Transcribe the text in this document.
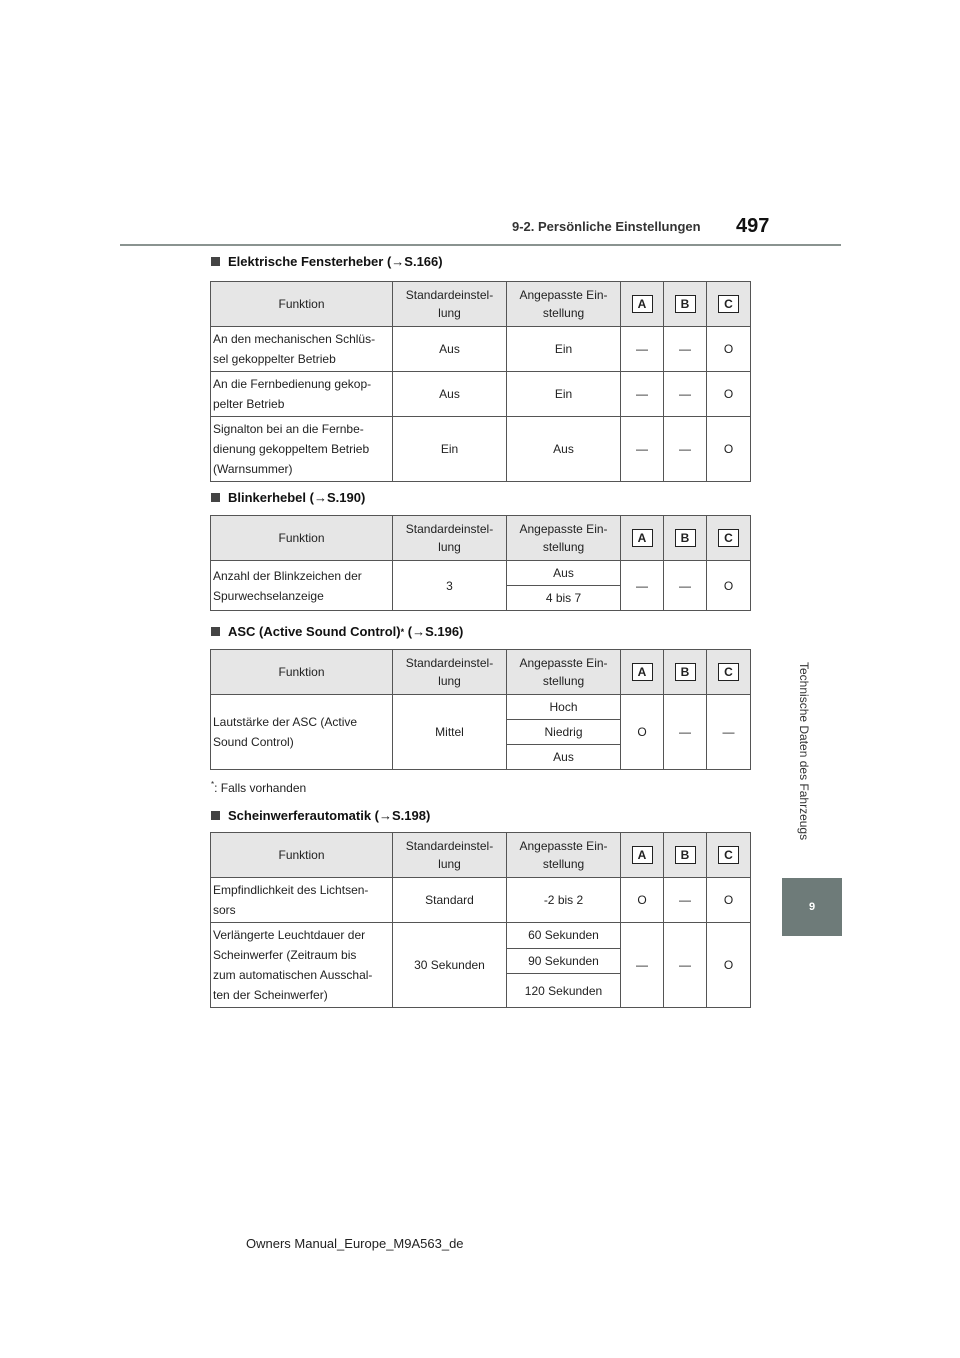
9-2. Persönliche Einstellungen 497
Technische Daten des Fahrzeugs
9
Elektrische Fensterheber ( → S.166)
Funktion	Standardeinstel-
lung	Angepasste Ein-
stellung	A	B	C
An den mechanischen Schlüs-
sel gekoppelter Betrieb	Aus	Ein	—	—	O
An die Fernbedienung gekop-
pelter Betrieb	Aus	Ein	—	—	O
Signalton bei an die Fernbe-
dienung gekoppeltem Betrieb
(Warnsummer)	Ein	Aus	—	—	O
Blinkerhebel ( → S.190)
Funktion	Standardeinstel-
lung	Angepasste Ein-
stellung	A	B	C
Anzahl der Blinkzeichen der
Spurwechselanzeige	3	Aus	—	—	O
		4 bis 7			
ASC (Active Sound Control) * ( → S.196)
Funktion	Standardeinstel-
lung	Angepasste Ein-
stellung	A	B	C
Lautstärke der ASC (Active
Sound Control)	Mittel	Hoch	O	—	—
		Niedrig			
		Aus			
*: Falls vorhanden
Scheinwerferautomatik ( → S.198)
Funktion	Standardeinstel-
lung	Angepasste Ein-
stellung	A	B	C
Empfindlichkeit des Lichtsen-
sors	Standard	-2 bis 2	O	—	O
Verlängerte Leuchtdauer der
Scheinwerfer (Zeitraum bis
zum automatischen Ausschal-
ten der Scheinwerfer)	30 Sekunden	60 Sekunden	—	—	O
		90 Sekunden			
		120 Sekunden			
Owners Manual_Europe_M9A563_de
